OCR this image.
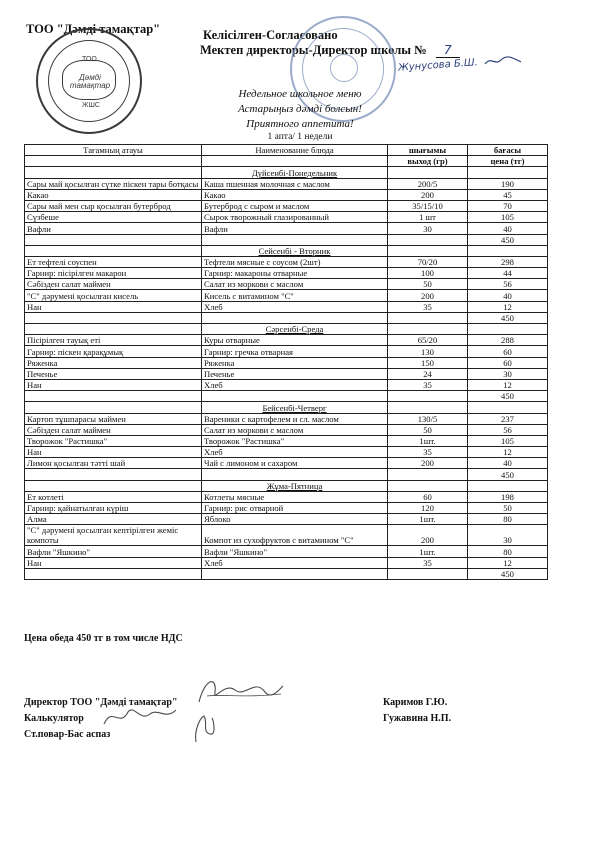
ТОО "Дәмді тамақтар"	Келісілген-Согласовано
Мектеп директоры-Директор школы № 7
Жунусова Б.Ш.
ТОО
Дәмді тамақтар
ЖШС
Недельное школьное меню
Астарыңыз дәмді болсын!
Приятного аппетита!
1 апта/ 1 недели
Тағамның атауы	Наименование блюда	шығымы	бағасы
		выход (гр)	цена (тг)
	Дүйсенбі-Понедельник		
Сары май қосылған сүтке піскен тары ботқасы	Каша пшенная молочная с маслом	200/5	190
Какао	Какао	200	45
Сары май мен сыр қосылған бутерброд	Бутерброд с сыром и маслом	35/15/10	70
Сүзбеше	Сырок творожный глазированный	1 шт	105
Вафли	Вафли	30	40
			450
	Сейсенбі - Вторник		
Ет тефтелі соуспен	Тефтели мясные с соусом (2шт)	70/20	298
Гарнир: пісірілген макарон	Гарнир: макароны отварные	100	44
Сәбізден салат маймен	Салат из моркови с маслом	50	56
"С" дәрумені қосылған кисель	Кисель с витамином "С"	200	40
Нан	Хлеб	35	12
			450
	Сәрсенбі-Среда		
Пісірілген тауық еті	Куры отварные	65/20	288
Гарнир: піскен қарақұмық	Гарнир: гречка отварная	130	60
Ряженка	Ряженка	150	60
Печенье	Печенье	24	30
Нан	Хлеб	35	12
			450
	Бейсенбі-Четверг		
Картоп тұшпарасы маймен	Вареники с картофелем и сл. маслом	130/5	237
Сәбізден салат маймен	Салат из моркови с маслом	50	56
Творожок "Растишка"	Творожок "Растишка"	1шт.	105
Нан	Хлеб	35	12
Лимон қосылған тәтті шай	Чай с лимоном и сахаром	200	40
			450
	Жұма-Пятница		
Ет котлеті	Котлеты мясные	60	198
Гарнир: қайнатылған күріш	Гарнир: рис отварной	120	50
Алма	Яблоко	1шт.	80
"С" дәрумені қосылған кептірілген жеміс компоты	Компот из сухофруктов с витамином "С"	200	30
Вафли "Яшкино"	Вафли "Яшкино"	1шт.	80
Нан	Хлеб	35	12
			450
Цена обеда 450 тг в том числе НДС
Директор ТОО "Дәмді тамақтар"	Каримов Г.Ю.
Калькулятор	Гужавина Н.П.
Ст.повар-Бас аспаз
